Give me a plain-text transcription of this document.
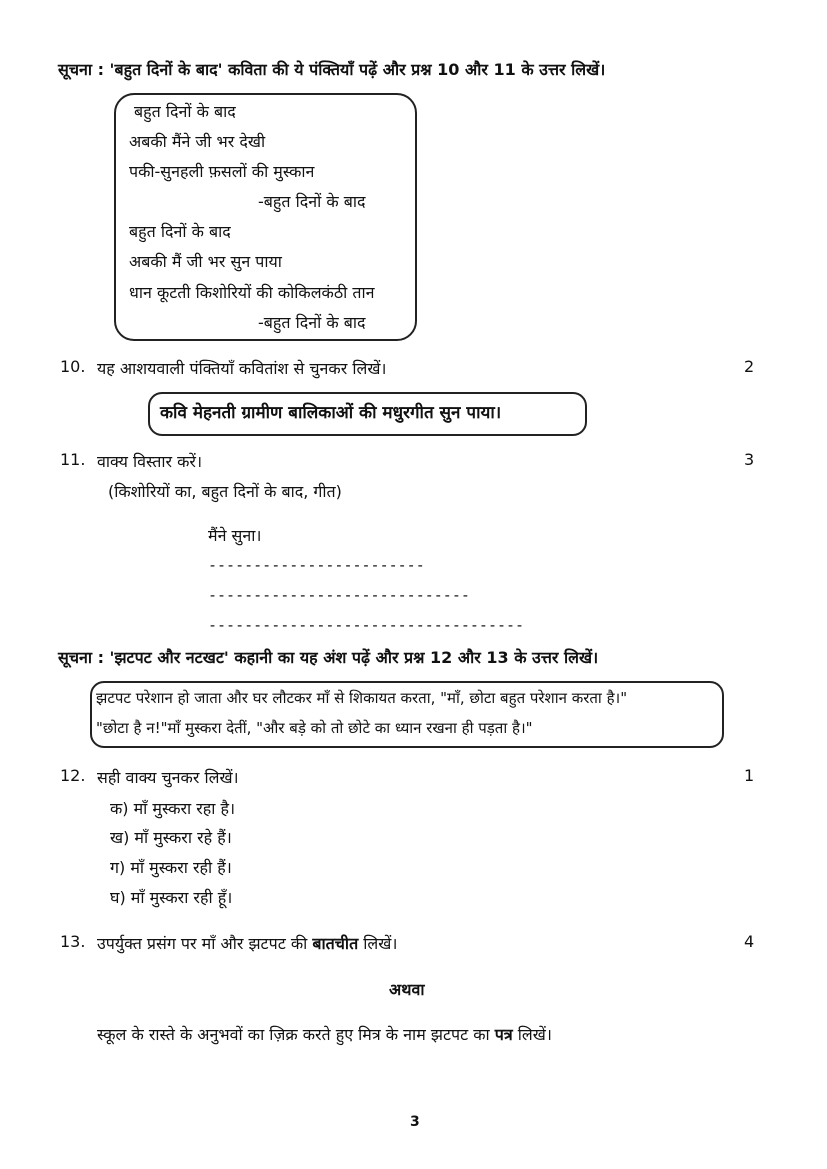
सूचना : 'बहुत दिनों के बाद' कविता की ये पंक्तियाँ पढ़ें और प्रश्न 10 और 11 के उत्तर लिखें।
बहुत दिनों के बाद
अबकी मैंने जी भर देखी
पकी-सुनहली फ़सलों की मुस्कान
-बहुत दिनों के बाद
बहुत दिनों के बाद
अबकी मैं जी भर सुन पाया
धान कूटती किशोरियों की कोकिलकंठी तान
-बहुत दिनों के बाद
10. यह आशयवाली पंक्तियाँ कवितांश से चुनकर लिखें।	2
कवि मेहनती ग्रामीण बालिकाओं की मधुरगीत सुन पाया।
11. वाक्य विस्तार करें।	3
(किशोरियों का, बहुत दिनों के बाद, गीत)
मैंने सुना।
------------------------
-----------------------------
-----------------------------------
सूचना : 'झटपट और नटखट' कहानी का यह अंश पढ़ें और प्रश्न 12 और 13 के उत्तर लिखें।
झटपट परेशान हो जाता और घर लौटकर माँ से शिकायत करता, "माँ, छोटा बहुत परेशान करता है।"
"छोटा है न!"माँ मुस्करा देतीं, "और बड़े को तो छोटे का ध्यान रखना ही पड़ता है।"
12. सही वाक्य चुनकर लिखें।	1
क) माँ मुस्करा रहा है।
ख) माँ मुस्करा रहे हैं।
ग) माँ मुस्करा रही हैं।
घ) माँ मुस्करा रही हूँ।
13. उपर्युक्त प्रसंग पर माँ और झटपट की बातचीत लिखें।	4
अथवा
स्कूल के रास्ते के अनुभवों का ज़िक्र करते हुए मित्र के नाम झटपट का पत्र लिखें।
3
